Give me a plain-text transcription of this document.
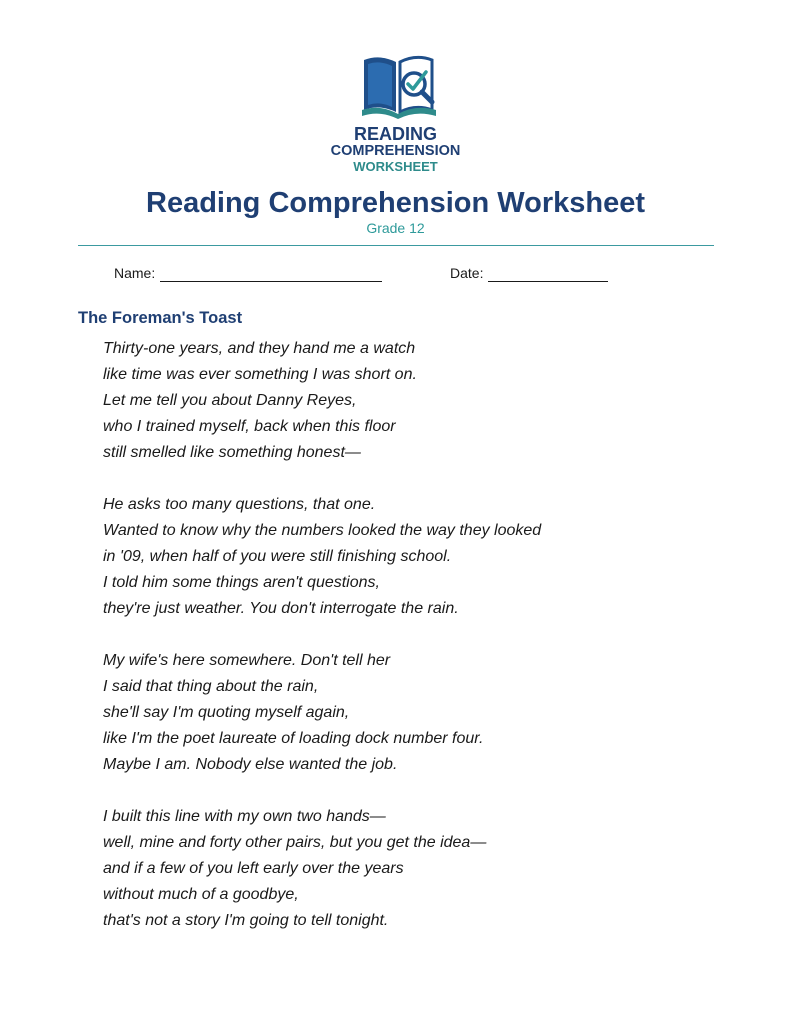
READING
COMPREHENSION
WORKSHEET
Reading Comprehension Worksheet
Grade 12
Name:	Date:
The Foreman's Toast
Thirty-one years, and they hand me a watch
like time was ever something I was short on.
Let me tell you about Danny Reyes,
who I trained myself, back when this floor
still smelled like something honest—
He asks too many questions, that one.
Wanted to know why the numbers looked the way they looked
in '09, when half of you were still finishing school.
I told him some things aren't questions,
they're just weather. You don't interrogate the rain.
My wife's here somewhere. Don't tell her
I said that thing about the rain,
she'll say I'm quoting myself again,
like I'm the poet laureate of loading dock number four.
Maybe I am. Nobody else wanted the job.
I built this line with my own two hands—
well, mine and forty other pairs, but you get the idea—
and if a few of you left early over the years
without much of a goodbye,
that's not a story I'm going to tell tonight.
